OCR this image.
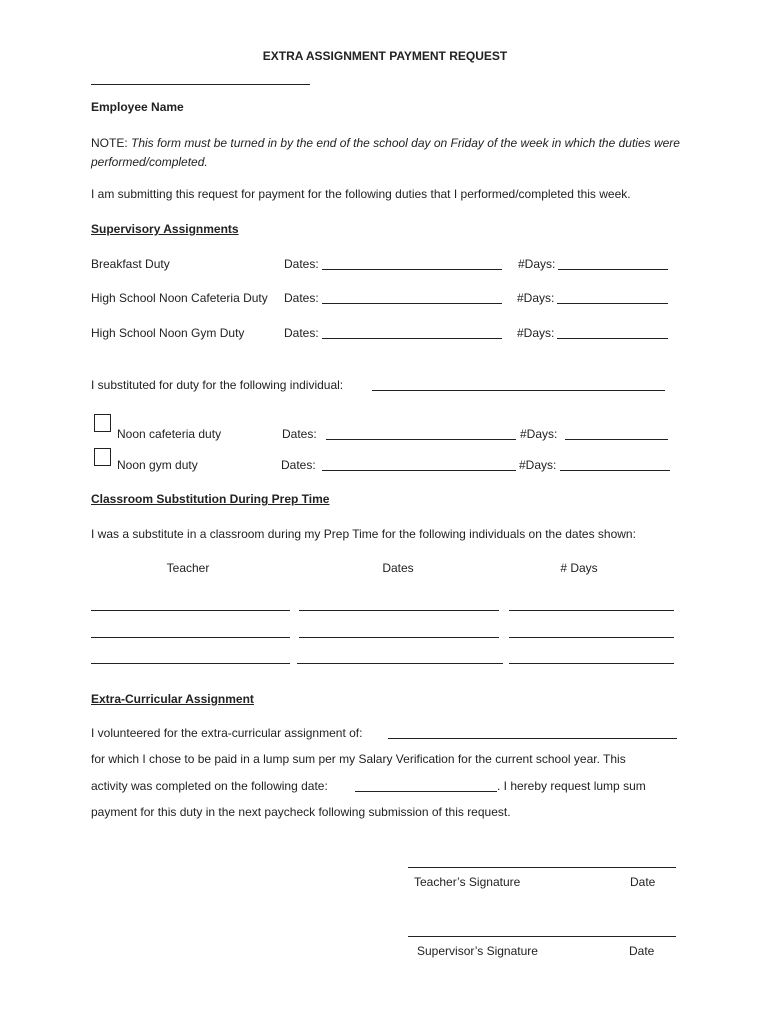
EXTRA ASSIGNMENT PAYMENT REQUEST
Employee Name
NOTE: This form must be turned in by the end of the school day on Friday of the week in which the duties were performed/completed.
I am submitting this request for payment for the following duties that I performed/completed this week.
Supervisory Assignments
Breakfast Duty	Dates:	#Days:
High School Noon Cafeteria Duty Dates:	#Days:
High School Noon Gym Duty	Dates:	#Days:
I substituted for duty for the following individual:
Noon cafeteria duty	Dates:	#Days:
Noon gym duty	Dates:	#Days:
Classroom Substitution During Prep Time
I was a substitute in a classroom during my Prep Time for the following individuals on the dates shown:
Teacher	Dates	# Days
Extra-Curricular Assignment
I volunteered for the extra-curricular assignment of:
for which I chose to be paid in a lump sum per my Salary Verification for the current school year. This
activity was completed on the following date:	. I hereby request lump sum
payment for this duty in the next paycheck following submission of this request.
Teacher’s Signature	Date
Supervisor’s Signature	Date
